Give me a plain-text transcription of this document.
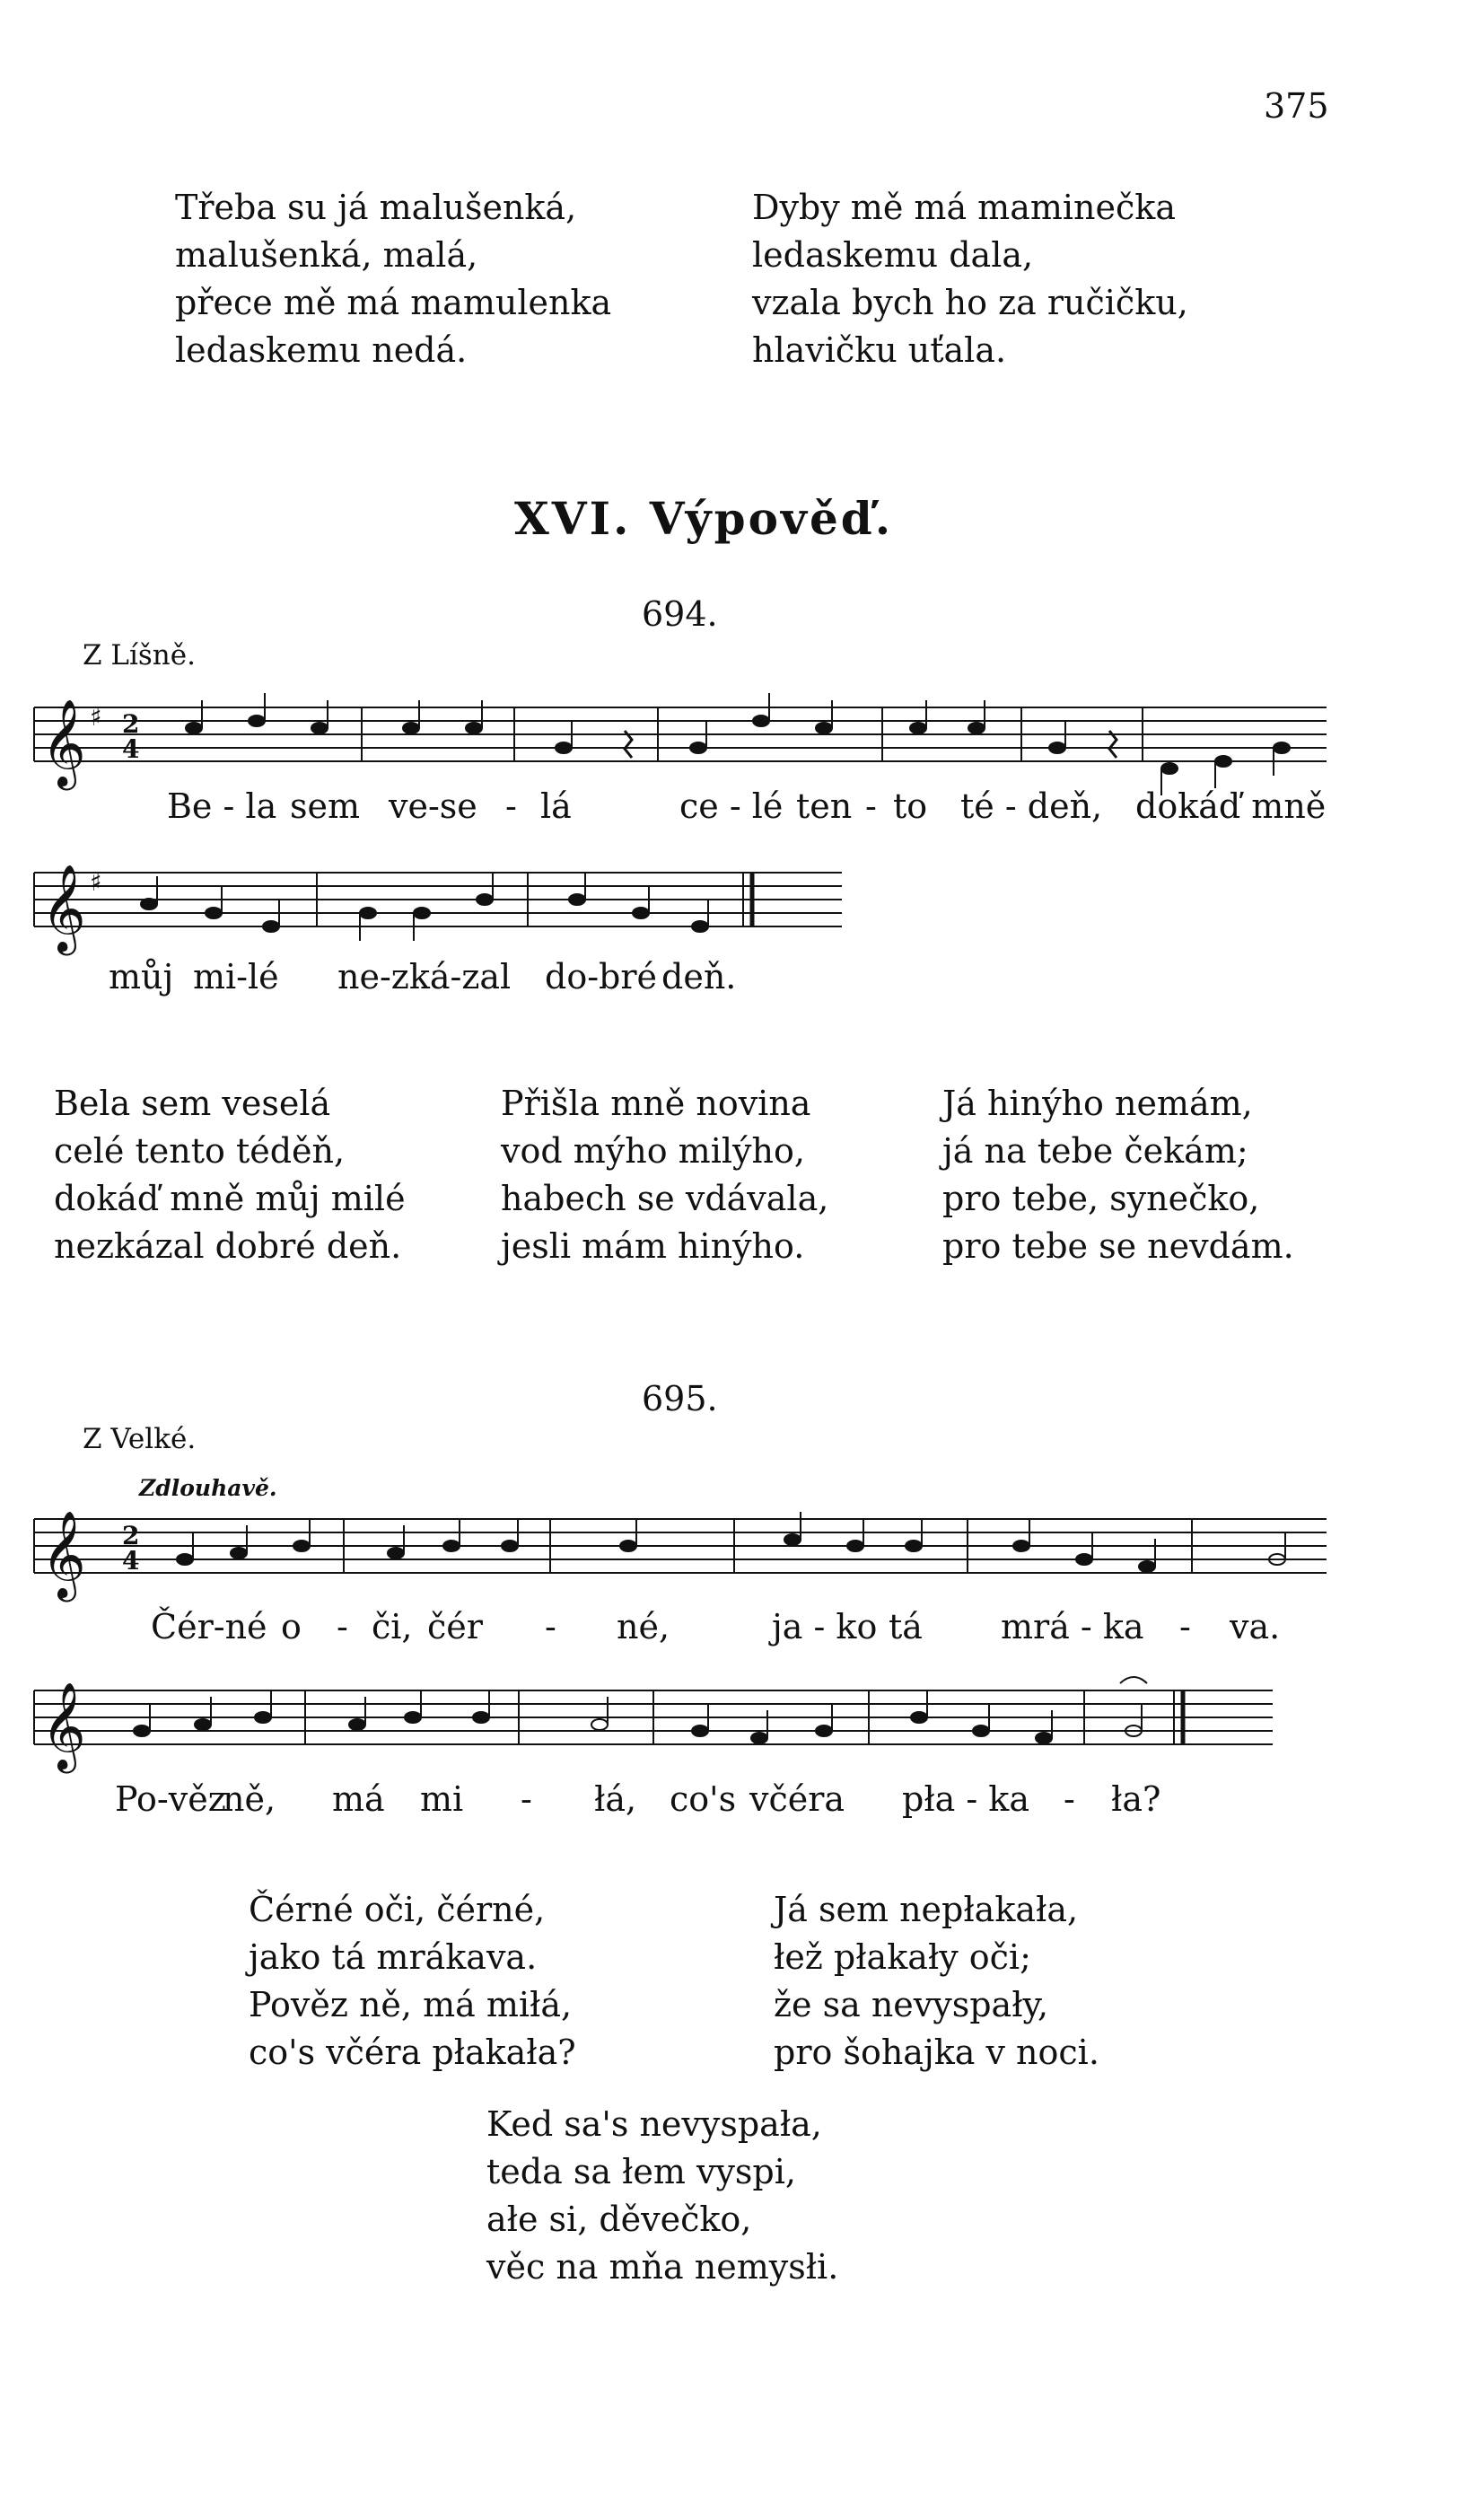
375
Třeba su já malušenká,
malušenká, malá,
přece mě má mamulenka
ledaskemu nedá.
Dyby mě má maminečka
ledaskemu dala,
vzala bych ho za ručičku,
hlavičku uťala.
XVI. Výpověď.
694.
Z Líšně.
𝄞 ♯ 2
4
Be - la sem ve-se - lá	ce - lé ten - to té - deň, dokáď mně
𝄞 ♯
můj mi-lé ne-zká-zal do-bré deň.
Bela sem veselá
celé tento téděň,
dokáď mně můj milé
nezkázal dobré deň.
Přišla mně novina
vod mýho milýho,
habech se vdávala,
jesli mám hinýho.
Já hinýho nemám,
já na tebe čekám;
pro tebe, synečko,
pro tebe se nevdám.
695.
Z Velké.
Zdlouhavě.
𝄞 2
4
Čér-né o - či, čér - né,	ja - ko tá mrá - ka - va.
𝄞
Po-věz
ně, má mi - łá, co's včéra pła - ka - ła?
Čérné oči, čérné,
jako tá mrákava.
Pověz ně, má miłá,
co's včéra płakała?
Já sem nepłakała,
łež płakały oči;
že sa nevyspały,
pro šohajka v noci.
Ked sa's nevyspała,
teda sa łem vyspi,
ałe si, děvečko,
věc na mňa nemysłi.
